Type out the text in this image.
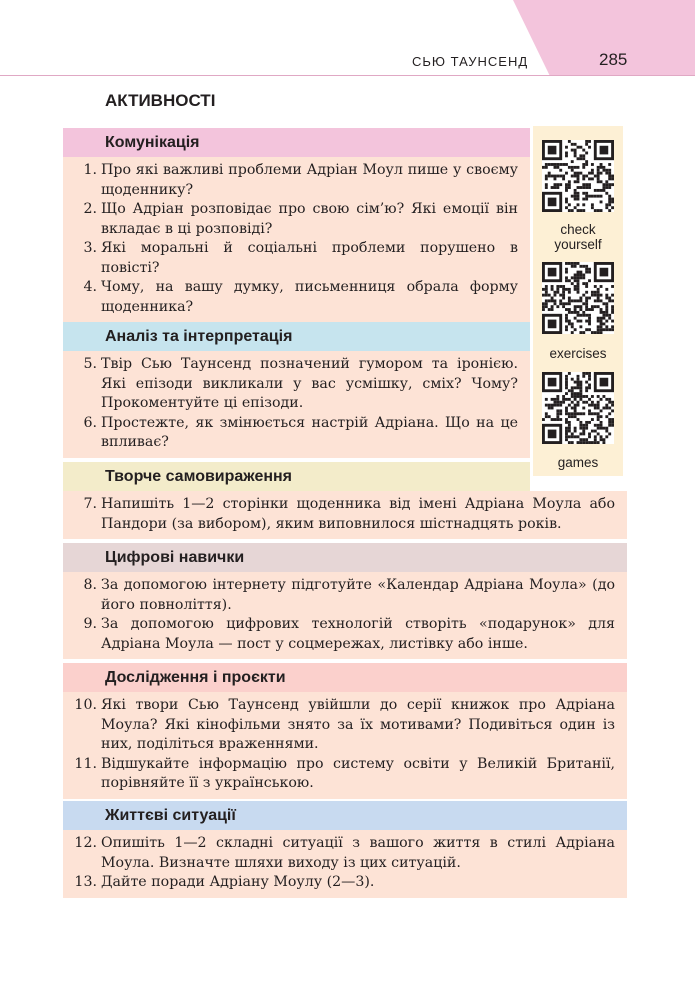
СЬЮ ТАУНСЕНД	285
АКТИВНОСТІ
Комунікація
1. Про які важливі проблеми Адріан Моул пише у своєму щоденнику?
2. Що Адріан розповідає про свою сім’ю? Які емоції він вкладає в ці розповіді?
3. Які моральні й соціальні проблеми порушено в повісті?
4. Чому, на вашу думку, письменниця обрала форму щоденника?
Аналіз та інтерпретація
5. Твір Сью Таунсенд позначений гумором та іронією. Які епізоди викликали у вас усмішку, сміх? Чому? Прокоментуйте ці епізоди.
6. Простежте, як змінюється настрій Адріана. Що на це впливає?
Творче самовираження
7. Напишіть 1—2 сторінки щоденника від імені Адріана Моула або Пандори (за вибором), яким виповнилося шістнадцять років.
Цифрові навички
8. За допомогою інтернету підготуйте «Календар Адріана Моула» (до його повноліття).
9. За допомогою цифрових технологій створіть «подарунок» для Адріана Моула — пост у соцмережах, листівку або інше.
Дослідження і проєкти
10. Які твори Сью Таунсенд увійшли до серії книжок про Адріана Моула? Які кінофільми знято за їх мотивами? Подивіться один із них, поділіться враженнями.
11. Відшукайте інформацію про систему освіти у Великій Британії, порівняйте її з українською.
Життєві ситуації
12. Опишіть 1—2 складні ситуації з вашого життя в стилі Адріана Моула. Визначте шляхи виходу із цих ситуацій.
13. Дайте поради Адріану Моулу (2—3).
check
yourself
exercises
games
